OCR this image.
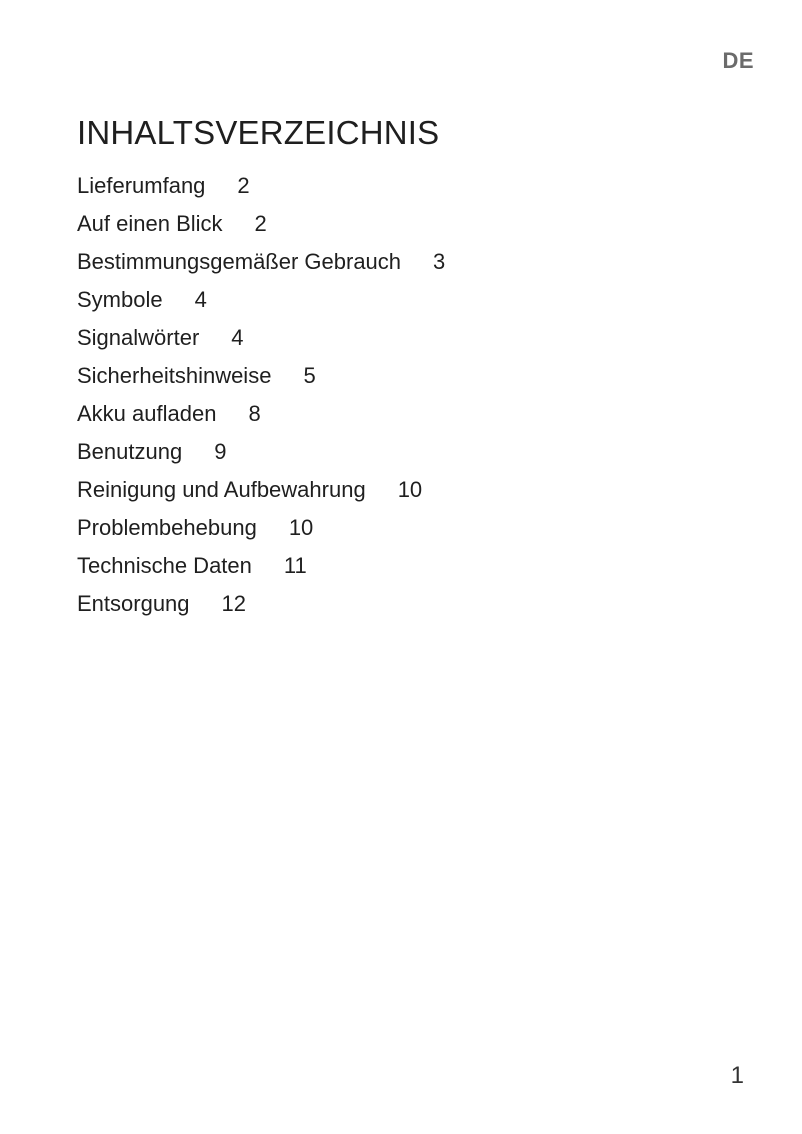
DE
INHALTSVERZEICHNIS
Lieferumfang 2
Auf einen Blick 2
Bestimmungsgemäßer Gebrauch 3
Symbole 4
Signalwörter 4
Sicherheitshinweise 5
Akku aufladen 8
Benutzung 9
Reinigung und Aufbewahrung 10
Problembehebung 10
Technische Daten 11
Entsorgung 12
1
